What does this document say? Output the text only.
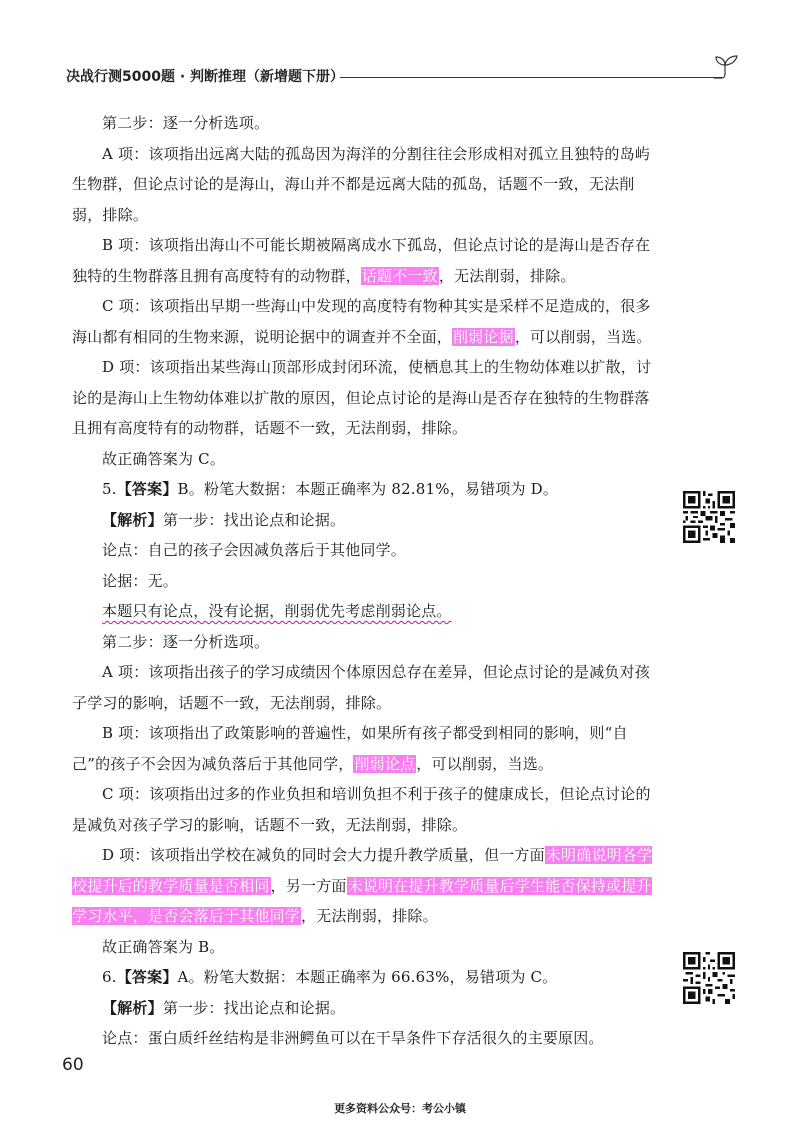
决战行测5000题 · 判断推理（新增题下册）

第二步：逐一分析选项。

A 项：该项指出远离大陆的孤岛因为海洋的分割往往会形成相对孤立且独特的岛屿生物群，但论点讨论的是海山，海山并不都是远离大陆的孤岛，话题不一致，无法削弱，排除。

B 项：该项指出海山不可能长期被隔离成水下孤岛，但论点讨论的是海山是否存在独特的生物群落且拥有高度特有的动物群，话题不一致，无法削弱，排除。

C 项：该项指出早期一些海山中发现的高度特有物种其实是采样不足造成的，很多海山都有相同的生物来源，说明论据中的调查并不全面，削弱论据，可以削弱，当选。

D 项：该项指出某些海山顶部形成封闭环流，使栖息其上的生物幼体难以扩散，讨论的是海山上生物幼体难以扩散的原因，但论点讨论的是海山是否存在独特的生物群落且拥有高度特有的动物群，话题不一致，无法削弱，排除。

故正确答案为 C。

5.【答案】B。粉笔大数据：本题正确率为 82.81%，易错项为 D。

【解析】第一步：找出论点和论据。

论点：自己的孩子会因减负落后于其他同学。

论据：无。

本题只有论点，没有论据，削弱优先考虑削弱论点。

第二步：逐一分析选项。

A 项：该项指出孩子的学习成绩因个体原因总存在差异，但论点讨论的是减负对孩子学习的影响，话题不一致，无法削弱，排除。

B 项：该项指出了政策影响的普遍性，如果所有孩子都受到相同的影响，则“自己”的孩子不会因为减负落后于其他同学，削弱论点，可以削弱，当选。

C 项：该项指出过多的作业负担和培训负担不利于孩子的健康成长，但论点讨论的是减负对孩子学习的影响，话题不一致，无法削弱，排除。

D 项：该项指出学校在减负的同时会大力提升教学质量，但一方面未明确说明各学校提升后的教学质量是否相同，另一方面未说明在提升教学质量后学生能否保持或提升学习水平，是否会落后于其他同学，无法削弱，排除。

故正确答案为 B。

6.【答案】A。粉笔大数据：本题正确率为 66.63%，易错项为 C。

【解析】第一步：找出论点和论据。

论点：蛋白质纤丝结构是非洲鳄鱼可以在干旱条件下存活很久的主要原因。

60
更多资料公众号：考公小镇
